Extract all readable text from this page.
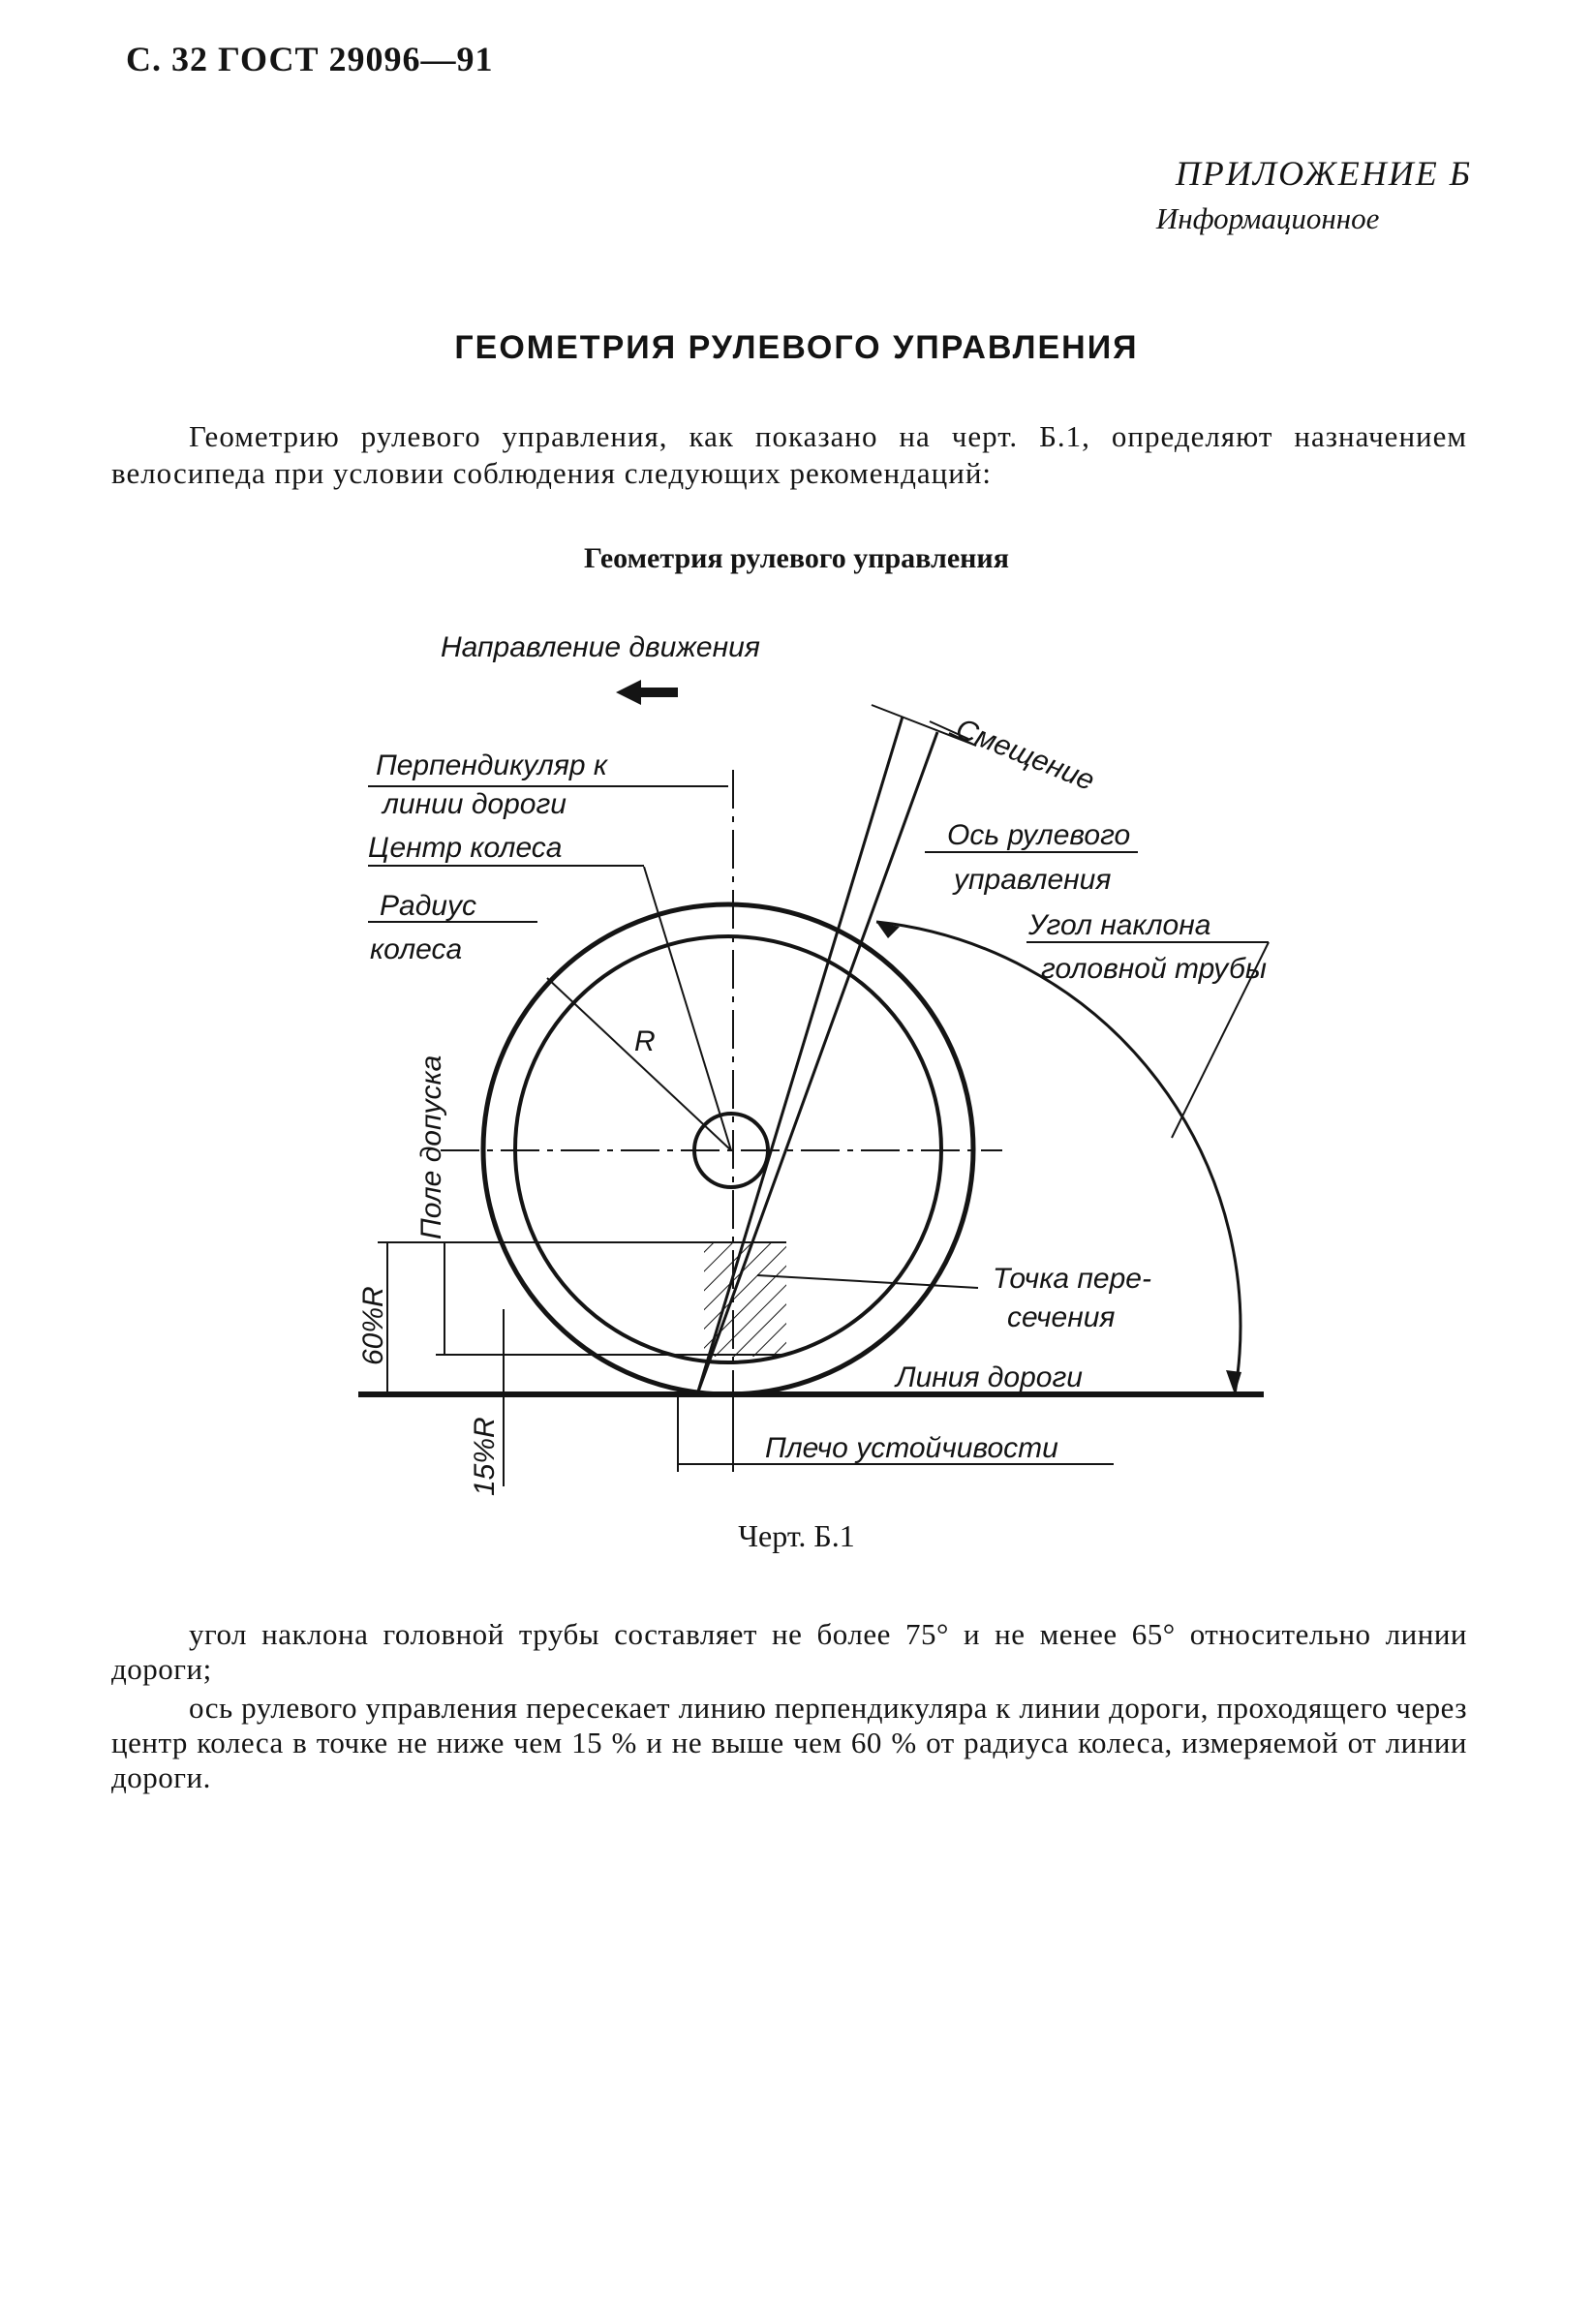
С. 32 ГОСТ 29096—91
ПРИЛОЖЕНИЕ Б
Информационное
ГЕОМЕТРИЯ РУЛЕВОГО УПРАВЛЕНИЯ
Геометрию рулевого управления, как показано на черт. Б.1, определяют назначением велосипеда при условии соблюдения следующих рекомендаций:
Геометрия рулевого управления
R
Направление движения
Перпендикуляр к
линии дороги
Центр колеса
Радиус
колеса
Смещение
Ось рулевого
управления
Угол наклона
головной трубы
Поле допуска
60%R
15%R
Точка пере-
сечения
Линия дороги
Плечо устойчивости
Черт. Б.1

угол наклона головной трубы составляет не более 75° и не менее 65° относительно линии дороги;

ось рулевого управления пересекает линию перпендикуляра к линии дороги, проходящего через центр колеса в точке не ниже чем 15 % и не выше чем 60 % от радиуса колеса, измеряемой от линии дороги.
